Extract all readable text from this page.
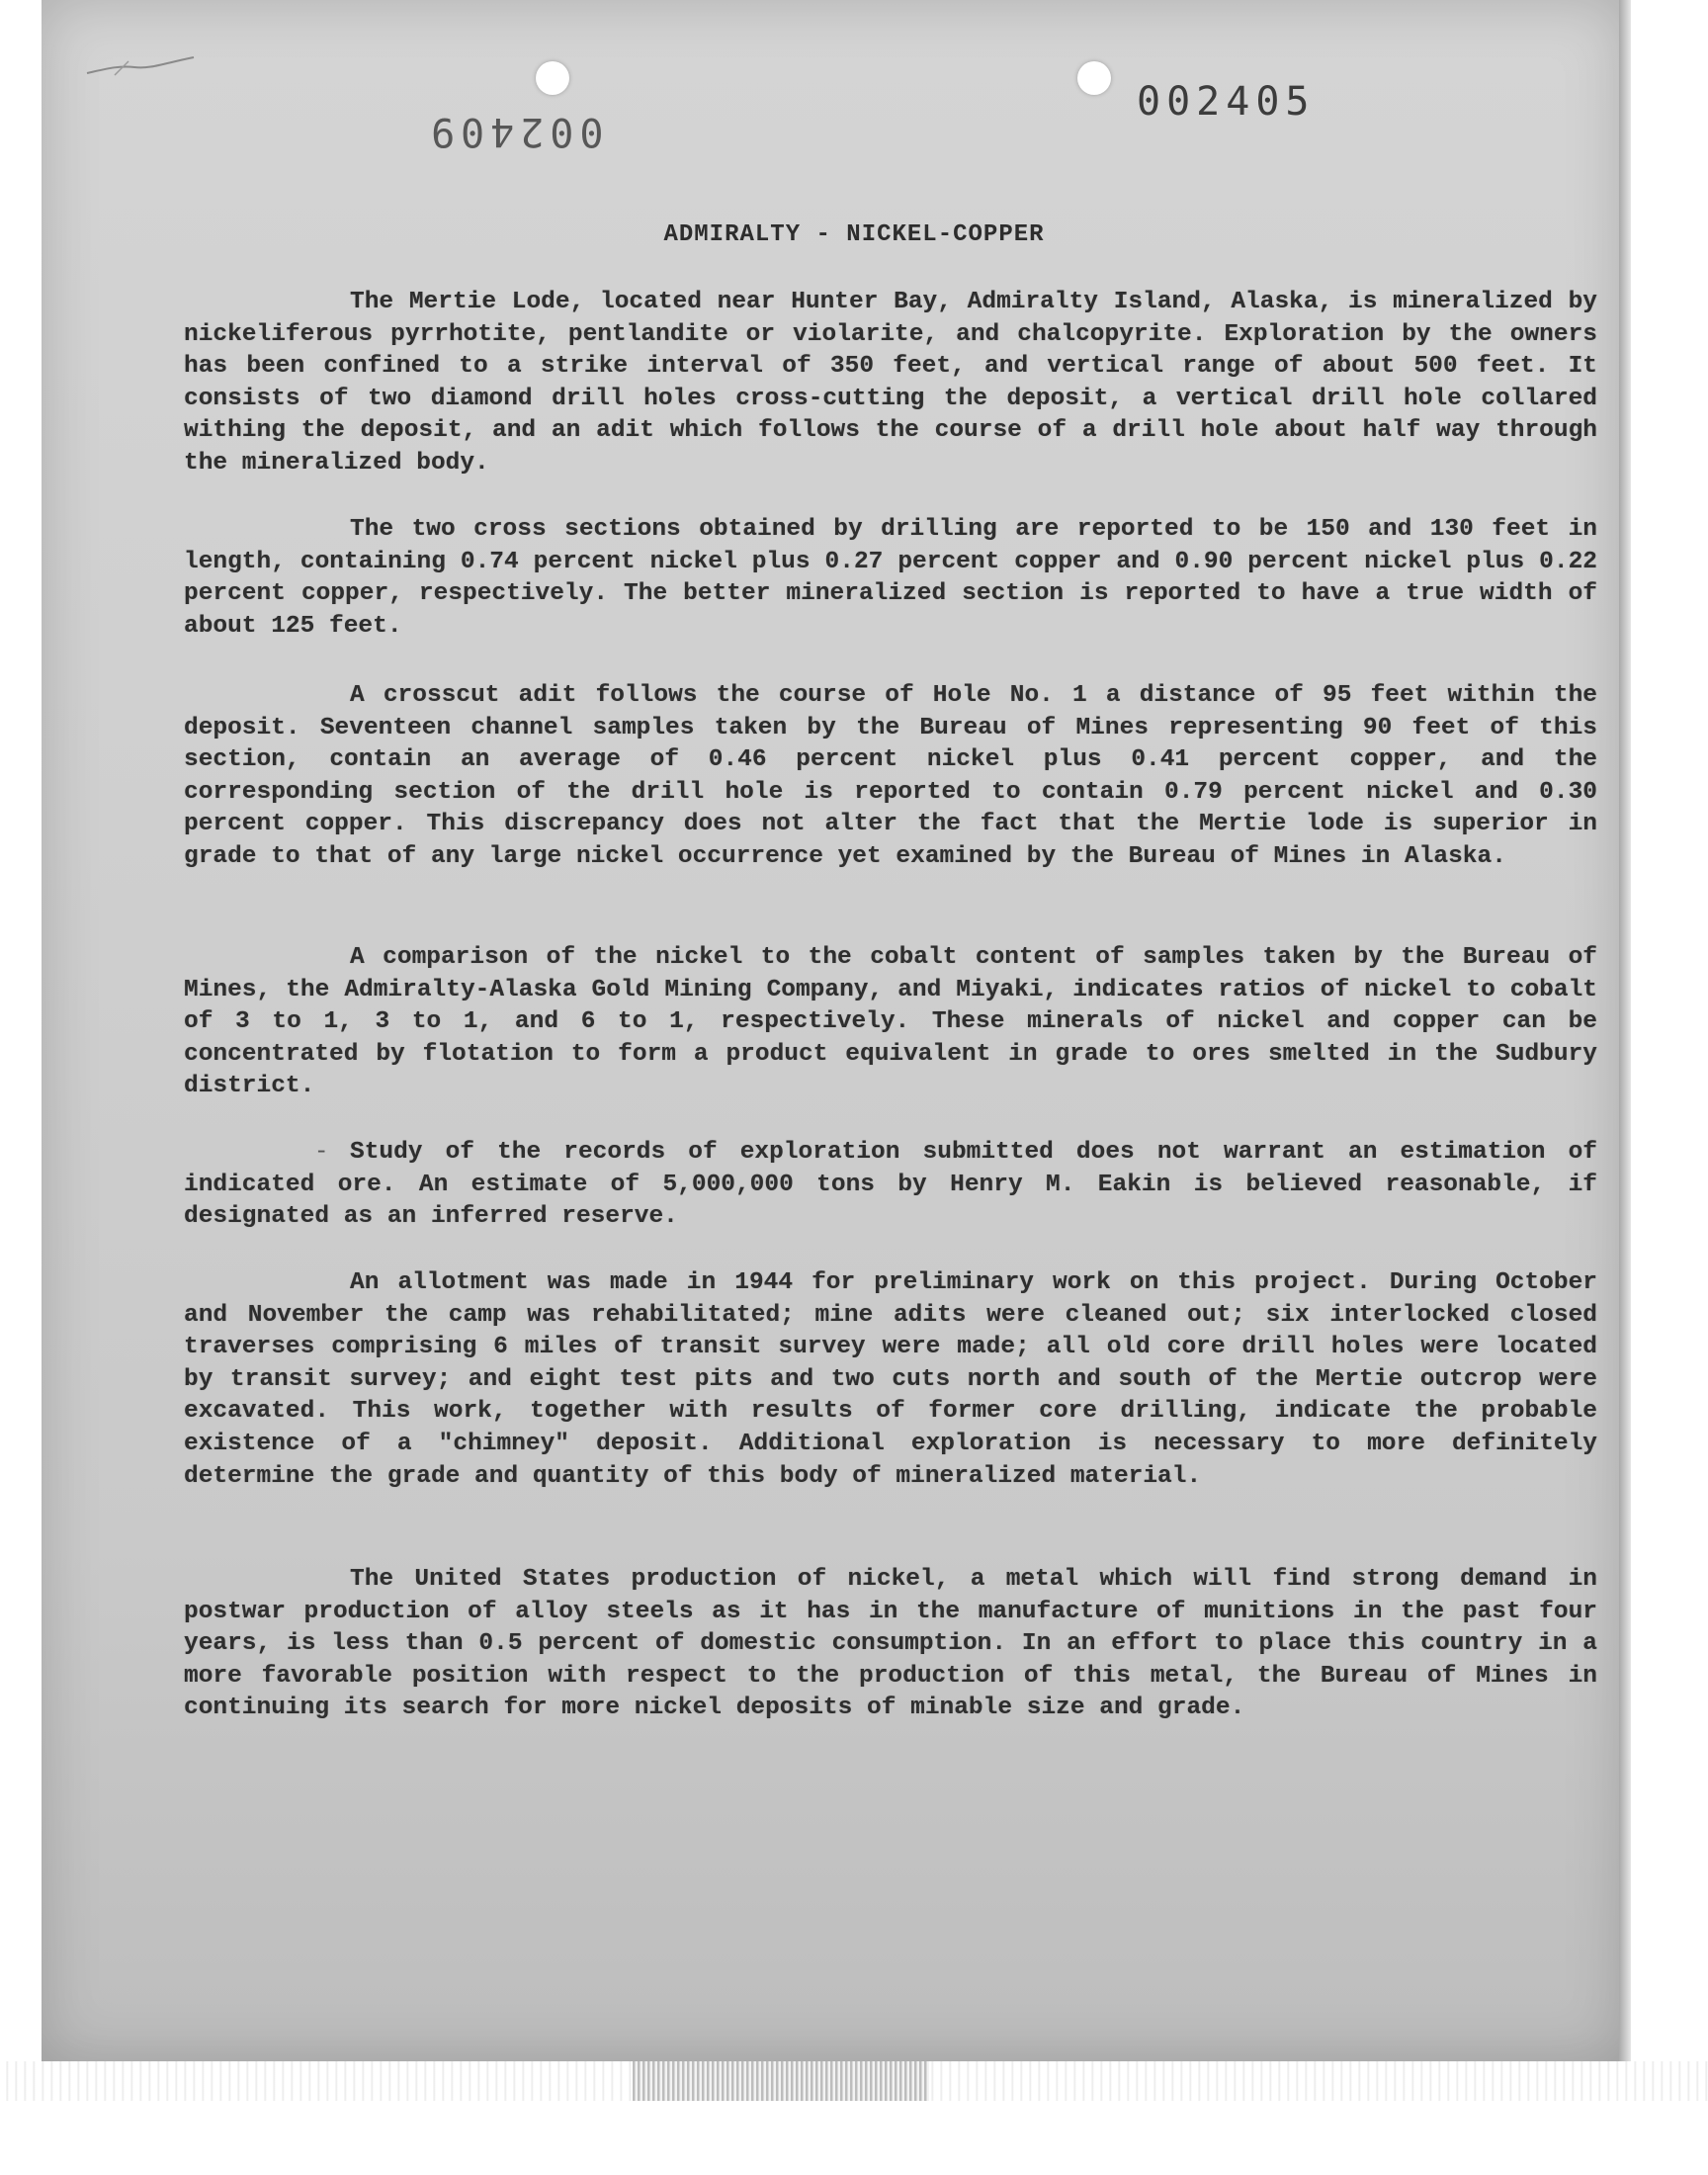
002409
002405
ADMIRALTY - NICKEL-COPPER

The Mertie Lode, located near Hunter Bay, Admiralty Island, Alaska, is mineralized by nickeliferous pyrrhotite, pentlandite or violarite, and chalcopyrite. Exploration by the owners has been confined to a strike interval of 350 feet, and vertical range of about 500 feet. It consists of two diamond drill holes cross-cutting the deposit, a vertical drill hole collared withing the deposit, and an adit which follows the course of a drill hole about half way through the mineralized body.

The two cross sections obtained by drilling are reported to be 150 and 130 feet in length, containing 0.74 percent nickel plus 0.27 percent copper and 0.90 percent nickel plus 0.22 percent copper, respectively. The better mineralized section is reported to have a true width of about 125 feet.

A crosscut adit follows the course of Hole No. 1 a distance of 95 feet within the deposit. Seventeen channel samples taken by the Bureau of Mines representing 90 feet of this section, contain an average of 0.46 percent nickel plus 0.41 percent copper, and the corresponding section of the drill hole is reported to contain 0.79 percent nickel and 0.30 percent copper. This discrepancy does not alter the fact that the Mertie lode is superior in grade to that of any large nickel occurrence yet examined by the Bureau of Mines in Alaska.

A comparison of the nickel to the cobalt content of samples taken by the Bureau of Mines, the Admiralty-Alaska Gold Mining Company, and Miyaki, indicates ratios of nickel to cobalt of 3 to 1, 3 to 1, and 6 to 1, respectively. These minerals of nickel and copper can be concentrated by flotation to form a product equivalent in grade to ores smelted in the Sudbury district.

Study of the records of exploration submitted does not warrant an estimation of indicated ore. An estimate of 5,000,000 tons by Henry M. Eakin is believed reasonable, if designated as an inferred reserve.

An allotment was made in 1944 for preliminary work on this project. During October and November the camp was rehabilitated; mine adits were cleaned out; six interlocked closed traverses comprising 6 miles of transit survey were made; all old core drill holes were located by transit survey; and eight test pits and two cuts north and south of the Mertie outcrop were excavated. This work, together with results of former core drilling, indicate the probable existence of a "chimney" deposit. Additional exploration is necessary to more definitely determine the grade and quantity of this body of mineralized material.

The United States production of nickel, a metal which will find strong demand in postwar production of alloy steels as it has in the manufacture of munitions in the past four years, is less than 0.5 percent of domestic consumption. In an effort to place this country in a more favorable position with respect to the production of this metal, the Bureau of Mines in continuing its search for more nickel deposits of minable size and grade.

-
